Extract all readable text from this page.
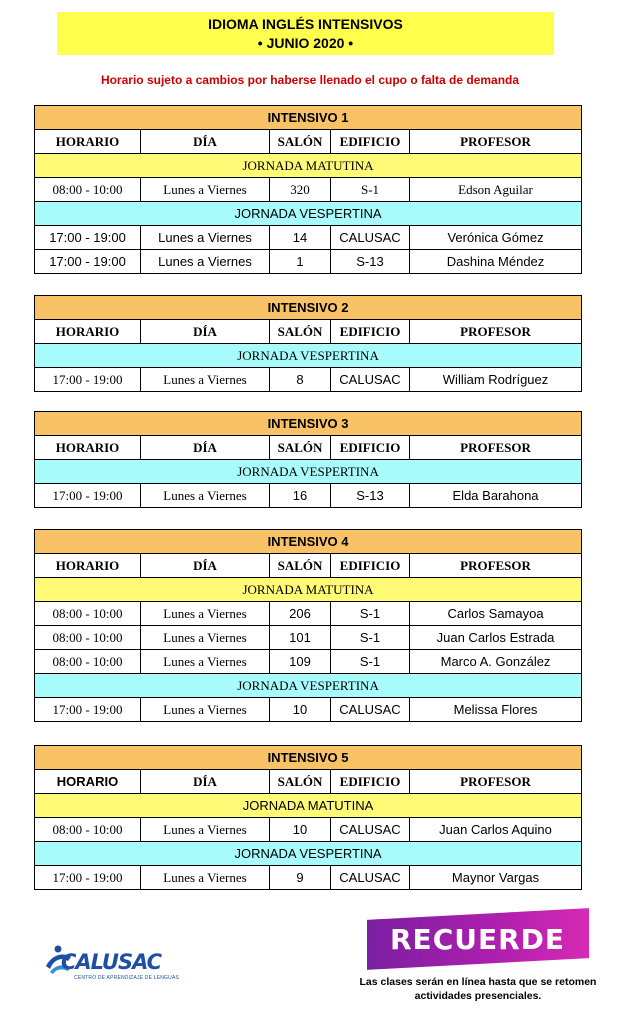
IDIOMA INGLÉS INTENSIVOS
• JUNIO 2020 •
Horario sujeto a cambios por haberse llenado el cupo o falta de demanda
INTENSIVO 1				
HORARIO	DÍA	SALÓN	EDIFICIO	PROFESOR
JORNADA MATUTINA				
08:00 - 10:00	Lunes a Viernes	320	S-1	Edson Aguilar
JORNADA VESPERTINA				
17:00 - 19:00	Lunes a Viernes	14	CALUSAC	Verónica Gómez
17:00 - 19:00	Lunes a Viernes	1	S-13	Dashina Méndez
INTENSIVO 2				
HORARIO	DÍA	SALÓN	EDIFICIO	PROFESOR
JORNADA VESPERTINA				
17:00 - 19:00	Lunes a Viernes	8	CALUSAC	William Rodríguez
INTENSIVO 3				
HORARIO	DÍA	SALÓN	EDIFICIO	PROFESOR
JORNADA VESPERTINA				
17:00 - 19:00	Lunes a Viernes	16	S-13	Elda Barahona
INTENSIVO 4				
HORARIO	DÍA	SALÓN	EDIFICIO	PROFESOR
JORNADA MATUTINA				
08:00 - 10:00	Lunes a Viernes	206	S-1	Carlos Samayoa
08:00 - 10:00	Lunes a Viernes	101	S-1	Juan Carlos Estrada
08:00 - 10:00	Lunes a Viernes	109	S-1	Marco A. González
JORNADA VESPERTINA				
17:00 - 19:00	Lunes a Viernes	10	CALUSAC	Melissa Flores
INTENSIVO 5				
HORARIO	DÍA	SALÓN	EDIFICIO	PROFESOR
JORNADA MATUTINA				
08:00 - 10:00	Lunes a Viernes	10	CALUSAC	Juan Carlos Aquino
JORNADA VESPERTINA				
17:00 - 19:00	Lunes a Viernes	9	CALUSAC	Maynor Vargas
CALUSAC
CENTRO DE APRENDIZAJE DE LENGUAS
RECUERDE
Las clases serán en línea hasta que se retomen actividades presenciales.
